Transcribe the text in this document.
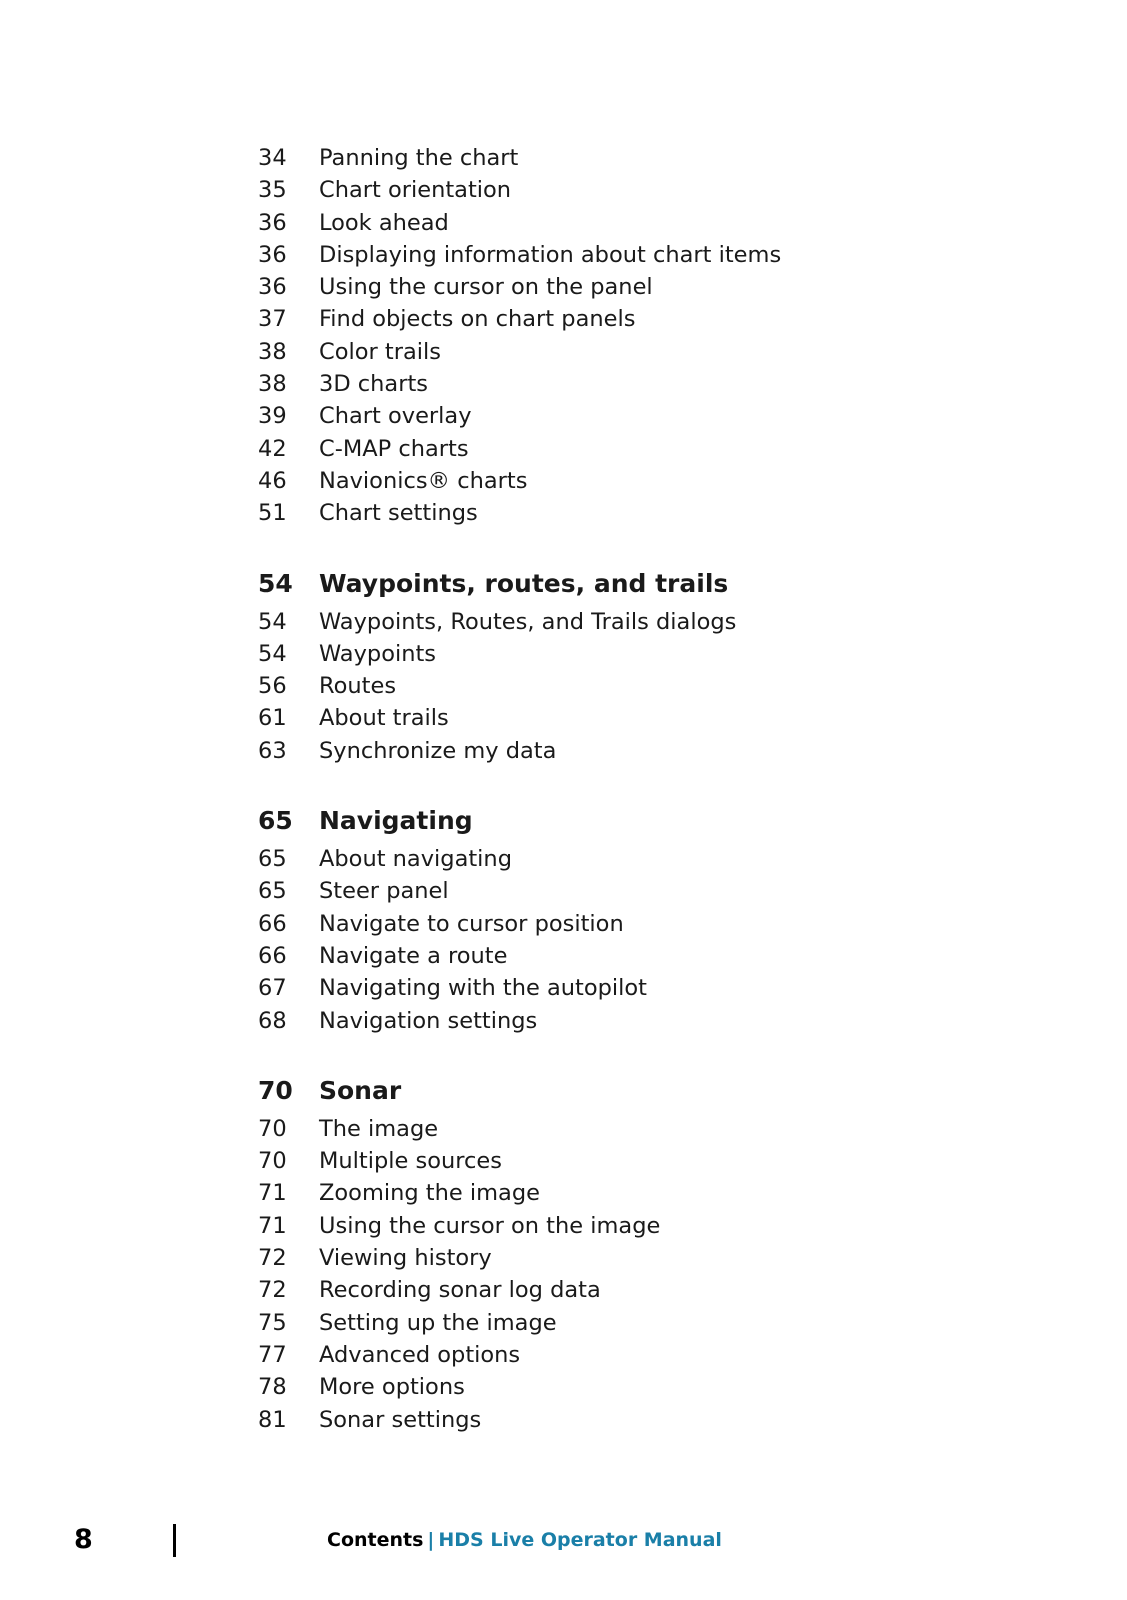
34	Panning the chart
35	Chart orientation
36	Look ahead
36	Displaying information about chart items
36	Using the cursor on the panel
37	Find objects on chart panels
38	Color trails
38	3D charts
39	Chart overlay
42	C-MAP charts
46	Navionics® charts
51	Chart settings
54	Waypoints, routes, and trails
54	Waypoints, Routes, and Trails dialogs
54	Waypoints
56	Routes
61	About trails
63	Synchronize my data
65	Navigating
65	About navigating
65	Steer panel
66	Navigate to cursor position
66	Navigate a route
67	Navigating with the autopilot
68	Navigation settings
70	Sonar
70	The image
70	Multiple sources
71	Zooming the image
71	Using the cursor on the image
72	Viewing history
72	Recording sonar log data
75	Setting up the image
77	Advanced options
78	More options
81	Sonar settings
8	Contents | HDS Live Operator Manual
